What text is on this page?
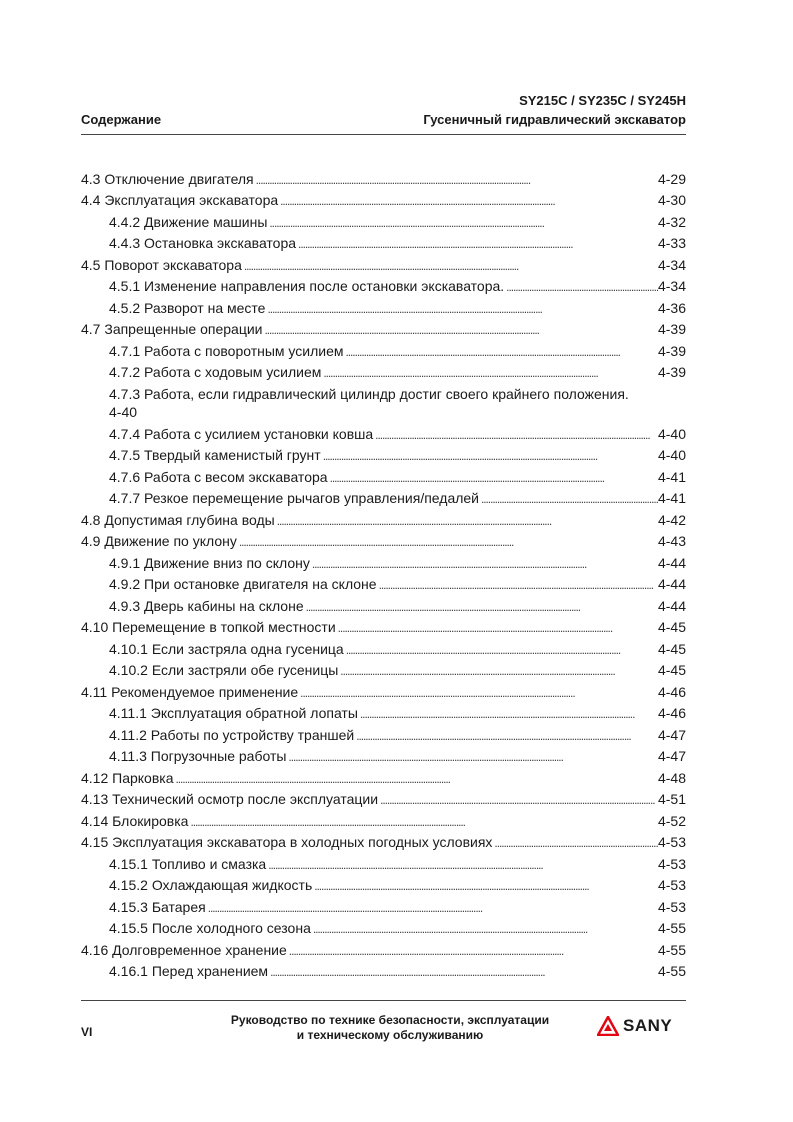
SY215C / SY235C / SY245H
Гусеничный гидравлический экскаватор
Содержание
4.3 Отключение двигателя . . .	4-29
4.4 Эксплуатация экскаватора . . .	4-30
4.4.2 Движение машины . . .	4-32
4.4.3 Остановка экскаватора . . .	4-33
4.5 Поворот экскаватора . . .	4-34
4.5.1 Изменение направления после остановки экскаватора. . . .	4-34
4.5.2 Разворот на месте . . .	4-36
4.7 Запрещенные операции . . .	4-39
4.7.1 Работа с поворотным усилием . . .	4-39
4.7.2 Работа с ходовым усилием . . .	4-39
4.7.3 Работа, если гидравлический цилиндр достиг своего крайнего положения.
4-40
4.7.4 Работа с усилием установки ковша . . .	4-40
4.7.5 Твердый каменистый грунт . . .	4-40
4.7.6 Работа с весом экскаватора . . .	4-41
4.7.7 Резкое перемещение рычагов управления/педалей . . .	4-41
4.8 Допустимая глубина воды . . .	4-42
4.9 Движение по уклону . . .	4-43
4.9.1 Движение вниз по склону . . .	4-44
4.9.2 При остановке двигателя на склоне . . .	4-44
4.9.3 Дверь кабины на склоне . . .	4-44
4.10 Перемещение в топкой местности . . .	4-45
4.10.1 Если застряла одна гусеница . . .	4-45
4.10.2 Если застряли обе гусеницы . . .	4-45
4.11 Рекомендуемое применение . . .	4-46
4.11.1 Эксплуатация обратной лопаты . . .	4-46
4.11.2 Работы по устройству траншей . . .	4-47
4.11.3 Погрузочные работы . . .	4-47
4.12 Парковка . . .	4-48
4.13 Технический осмотр после эксплуатации . . .	4-51
4.14 Блокировка . . .	4-52
4.15 Эксплуатация экскаватора в холодных погодных условиях . . .	4-53
4.15.1 Топливо и смазка . . .	4-53
4.15.2 Охлаждающая жидкость . . .	4-53
4.15.3 Батарея . . .	4-53
4.15.5 После холодного сезона . . .	4-55
4.16 Долговременное хранение . . .	4-55
4.16.1 Перед хранением . . .	4-55
VI
Руководство по технике безопасности, эксплуатации
и техническому обслуживанию	SANY
